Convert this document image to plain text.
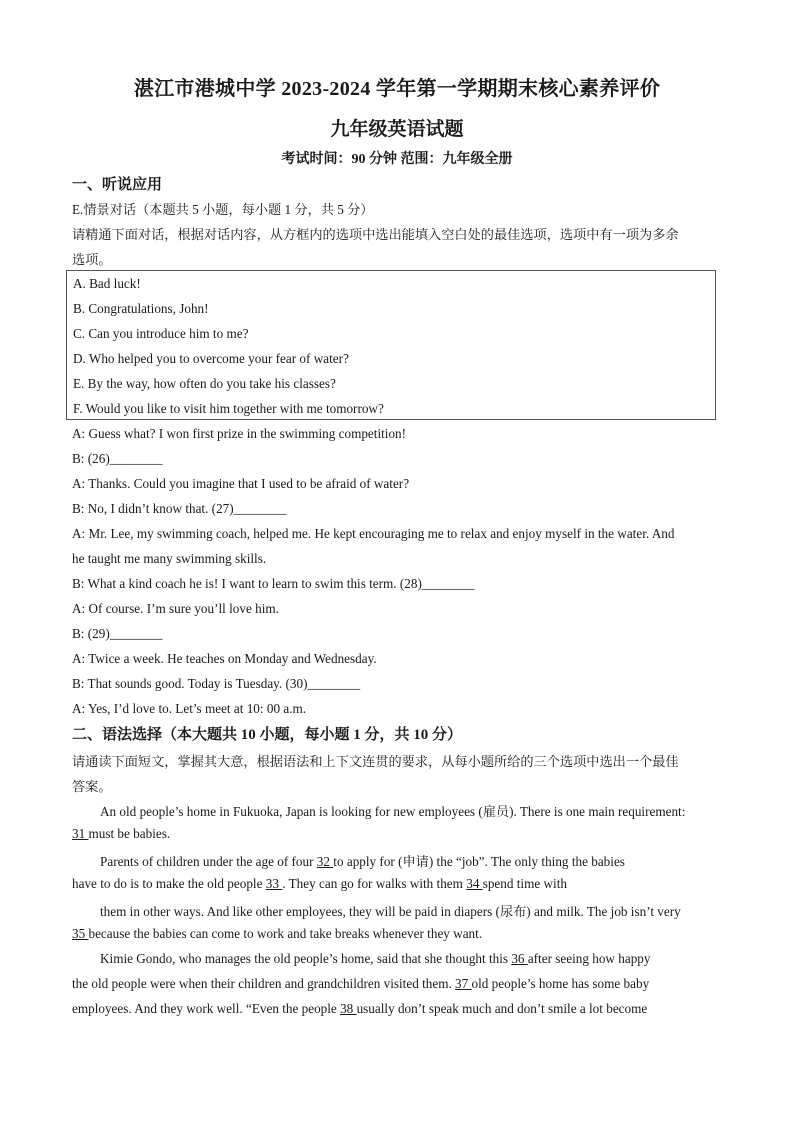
湛江市港城中学 2023-2024 学年第一学期期末核心素养评价
九年级英语试题
考试时间：90 分钟 范围：九年级全册
一、听说应用
E.情景对话（本题共 5 小题，每小题 1 分，共 5 分）
请精通下面对话，根据对话内容，从方框内的选项中选出能填入空白处的最佳选项，选项中有一项为多余
选项。
A. Bad luck!
B. Congratulations, John!
C. Can you introduce him to me?
D. Who helped you to overcome your fear of water?
E. By the way, how often do you take his classes?
F. Would you like to visit him together with me tomorrow?
A: Guess what? I won first prize in the swimming competition!
B: (26)________
A: Thanks. Could you imagine that I used to be afraid of water?
B: No, I didn’t know that. (27)________
A: Mr. Lee, my swimming coach, helped me. He kept encouraging me to relax and enjoy myself in the water. And
he taught me many swimming skills.
B: What a kind coach he is! I want to learn to swim this term. (28)________
A: Of course. I’m sure you’ll love him.
B: (29)________
A: Twice a week. He teaches on Monday and Wednesday.
B: That sounds good. Today is Tuesday. (30)________
A: Yes, I’d love to. Let’s meet at 10: 00 a.m.
二、语法选择（本大题共 10 小题，每小题 1 分，共 10 分）
请通读下面短文，掌握其大意，根据语法和上下文连贯的要求，从每小题所给的三个选项中选出一个最佳
答案。
An old people’s home in Fukuoka, Japan is looking for new employees (雇员). There is one main requirement:
31 must be babies.
Parents of children under the age of four 32 to apply for (申请) the “job”. The only thing the babies
have to do is to make the old people 33 . They can go for walks with them 34 spend time with
them in other ways. And like other employees, they will be paid in diapers (尿布) and milk. The job isn’t very
35 because the babies can come to work and take breaks whenever they want.
Kimie Gondo, who manages the old people’s home, said that she thought this 36 after seeing how happy
the old people were when their children and grandchildren visited them. 37 old people’s home has some baby
employees. And they work well. “Even the people 38 usually don’t speak much and don’t smile a lot become
